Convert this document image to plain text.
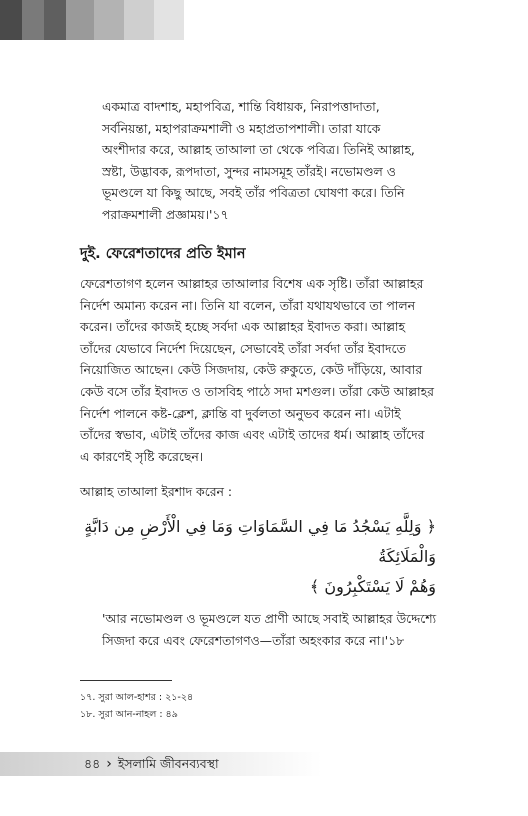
একমাত্র বাদশাহ, মহাপবিত্র, শান্তি বিধায়ক, নিরাপত্তাদাতা,
সর্বনিয়ন্তা, মহাপরাক্রমশালী ও মহাপ্রতাপশালী। তারা যাকে
অংশীদার করে, আল্লাহ তাআলা তা থেকে পবিত্র। তিনিই আল্লাহ,
স্রষ্টা, উদ্ভাবক, রূপদাতা, সুন্দর নামসমূহ তাঁরই। নভোমণ্ডল ও
ভূমণ্ডলে যা কিছু আছে, সবই তাঁর পবিত্রতা ঘোষণা করে। তিনি
পরাক্রমশালী প্রজ্ঞাময়।'১৭
দুই. ফেরেশতাদের প্রতি ইমান
ফেরেশতাগণ হলেন আল্লাহর তাআলার বিশেষ এক সৃষ্টি। তাঁরা আল্লাহর
নির্দেশ অমান্য করেন না। তিনি যা বলেন, তাঁরা যথাযথভাবে তা পালন
করেন। তাঁদের কাজই হচ্ছে সর্বদা এক আল্লাহর ইবাদত করা। আল্লাহ
তাঁদের যেভাবে নির্দেশ দিয়েছেন, সেভাবেই তাঁরা সর্বদা তাঁর ইবাদতে
নিয়োজিত আছেন। কেউ সিজদায়, কেউ রুকুতে, কেউ দাঁড়িয়ে, আবার
কেউ বসে তাঁর ইবাদত ও তাসবিহ পাঠে সদা মশগুল। তাঁরা কেউ আল্লাহর
নির্দেশ পালনে কষ্ট-ক্লেশ, ক্লান্তি বা দুর্বলতা অনুভব করেন না। এটাই
তাঁদের স্বভাব, এটাই তাঁদের কাজ এবং এটাই তাদের ধর্ম। আল্লাহ তাঁদের
এ কারণেই সৃষ্টি করেছেন।
আল্লাহ তাআলা ইরশাদ করেন :
﴿ وَلِلَّهِ يَسْجُدُ مَا فِي السَّمَاوَاتِ وَمَا فِي الْأَرْضِ مِن دَابَّةٍ وَالْمَلَائِكَةُ
وَهُمْ لَا يَسْتَكْبِرُونَ ﴾
'আর নভোমণ্ডল ও ভূমণ্ডলে যত প্রাণী আছে সবাই আল্লাহর উদ্দেশ্যে
সিজদা করে এবং ফেরেশতাগণও—তাঁরা অহংকার করে না।'১৮
১৭. সুরা আল-হাশর : ২১-২৪
১৮. সুরা আন-নাহল : ৪৯
৪৪ › ইসলামি জীবনব্যবস্থা
